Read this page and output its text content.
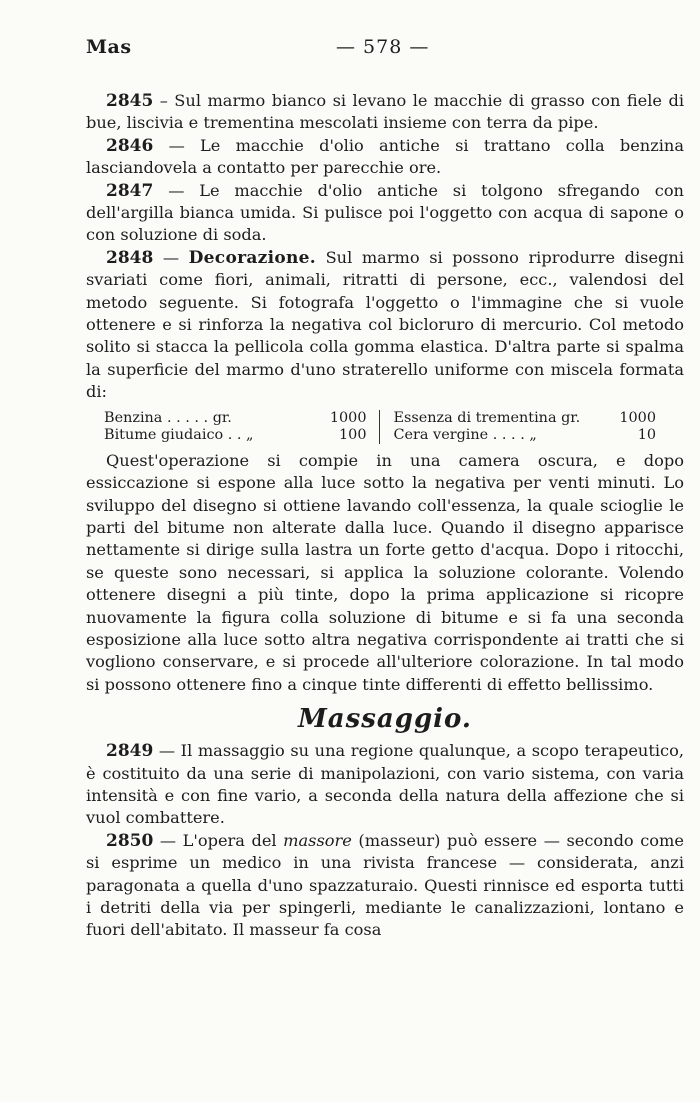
Mas	— 578 —

2845 – Sul marmo bianco si levano le macchie di grasso con fiele di bue, liscivia e trementina mescolati insieme con terra da pipe.

2846 — Le macchie d'olio antiche si trattano colla benzina lasciandovela a contatto per parecchie ore.

2847 — Le macchie d'olio antiche si tolgono sfregando con dell'argilla bianca umida. Si pulisce poi l'oggetto con acqua di sapone o con soluzione di soda.

2848 — Decorazione. Sul marmo si possono riprodurre disegni svariati come fiori, animali, ritratti di persone, ecc., valendosi del metodo seguente. Si fotografa l'oggetto o l'immagine che si vuole ottenere e si rinforza la negativa col bicloruro di mercurio. Col metodo solito si stacca la pellicola colla gomma elastica. D'altra parte si spalma la superficie del marmo d'uno straterello uniforme con miscela formata di:

Benzina . . . . . gr.	1000
Bitume giudaico . . „	100
Essenza di trementina gr.	1000
Cera vergine . . . . „	10

Quest'operazione si compie in una camera oscura, e dopo essiccazione si espone alla luce sotto la negativa per venti minuti. Lo sviluppo del disegno si ottiene lavando coll'essenza, la quale scioglie le parti del bitume non alterate dalla luce. Quando il disegno apparisce nettamente si dirige sulla lastra un forte getto d'acqua. Dopo i ritocchi, se queste sono necessari, si applica la soluzione colorante. Volendo ottenere disegni a più tinte, dopo la prima applicazione si ricopre nuovamente la figura colla soluzione di bitume e si fa una seconda esposizione alla luce sotto altra negativa corrispondente ai tratti che si vogliono conservare, e si procede all'ulteriore colorazione. In tal modo si possono ottenere fino a cinque tinte differenti di effetto bellissimo.

Massaggio.

2849 — Il massaggio su una regione qualunque, a scopo terapeutico, è costituito da una serie di manipolazioni, con vario sistema, con varia intensità e con fine vario, a seconda della natura della affezione che si vuol combattere.

2850 — L'opera del massore (masseur) può essere — secondo come si esprime un medico in una rivista francese — considerata, anzi paragonata a quella d'uno spazzaturaio. Questi rinnisce ed esporta tutti i detriti della via per spingerli, mediante le canalizzazioni, lontano e fuori dell'abitato. Il masseur fa cosa
